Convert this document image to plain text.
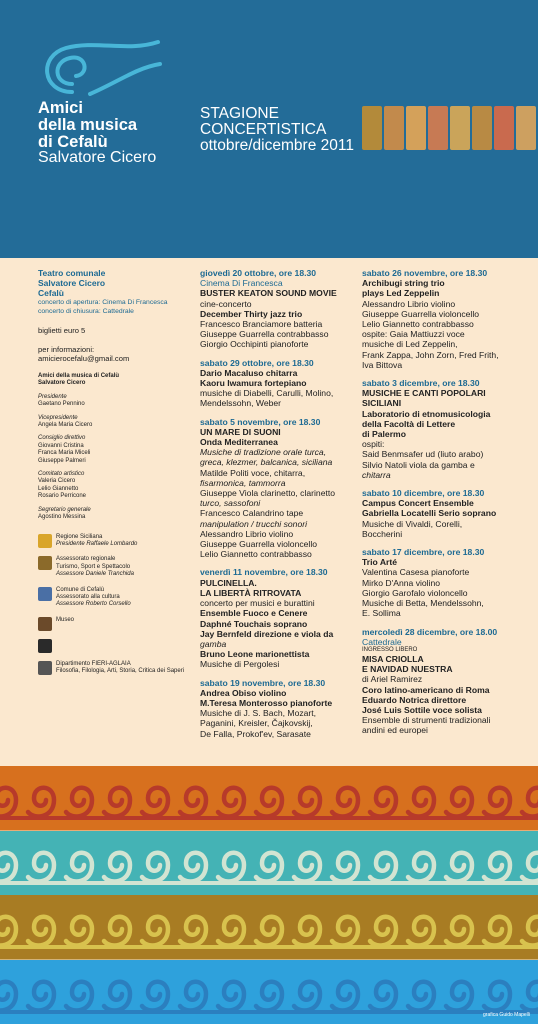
Amici
della musica
di Cefalù
Salvatore Cicero
STAGIONE
CONCERTISTICA
ottobre/dicembre 2011
Teatro comunale
Salvatore Cicero
Cefalù
concerto di apertura: Cinema Di Francesca
concerto di chiusura: Cattedrale
biglietti euro 5
per informazioni:
amicierocefalu@gmail.com
Amici della musica di Cefalù
Salvatore Cicero
Presidente
Gaetano Pennino
Vicepresidente
Angela Maria Cicero
Consiglio direttivo
Giovanni Cristina
Franca Maria Miceli
Giuseppe Palmeri
Comitato artistico
Valeria Cicero
Lelio Giannetto
Rosario Perricone
Segretario generale
Agostino Messina
Regione Siciliana
Presidente Raffaele Lombardo
Assessorato regionale
Turismo, Sport e Spettacolo
Assessore Daniele Tranchida
Comune di Cefalù
Assessorato alla cultura
Assessore Roberto Corsello
Museo
Dipartimento FIERI-AGLAIA
Filosofia, Filologia, Arti, Storia, Critica dei Saperi
giovedì 20 ottobre, ore 18.30
Cinema Di Francesca
BUSTER KEATON SOUND MOVIE
cine-concerto
December Thirty jazz trio
Francesco Branciamore batteria
Giuseppe Guarrella contrabbasso
Giorgio Occhipinti pianoforte
sabato 29 ottobre, ore 18.30
Dario Macaluso chitarra
Kaoru Iwamura fortepiano
musiche di Diabelli, Carulli, Molino,
Mendelssohn, Weber
sabato 5 novembre, ore 18.30
UN MARE DI SUONI
Onda Mediterranea
Musiche di tradizione orale turca,
greca, klezmer, balcanica, siciliana
Matilde Politi voce, chitarra,
fisarmonica, tammorra
Giuseppe Viola clarinetto, clarinetto
turco, sassofoni
Francesco Calandrino tape
manipulation / trucchi sonori
Alessandro Librio violino
Giuseppe Guarrella violoncello
Lelio Giannetto contrabbasso
venerdì 11 novembre, ore 18.30
PULCINELLA.
LA LIBERTÀ RITROVATA
concerto per musici e burattini
Ensemble Fuoco e Cenere
Daphné Touchais soprano
Jay Bernfeld direzione e viola da
gamba
Bruno Leone marionettista
Musiche di Pergolesi
sabato 19 novembre, ore 18.30
Andrea Obiso violino
M.Teresa Monterosso pianoforte
Musiche di J. S. Bach, Mozart,
Paganini, Kreisler, Čajkovskij,
De Falla, Prokof'ev, Sarasate
sabato 26 novembre, ore 18.30
Archibugi string trio
plays Led Zeppelin
Alessandro Librio violino
Giuseppe Guarrella violoncello
Lelio Giannetto contrabbasso
ospite: Gaia Mattiuzzi voce
musiche di Led Zeppelin,
Frank Zappa, John Zorn, Fred Frith,
Iva Bittova
sabato 3 dicembre, ore 18.30
MUSICHE E CANTI POPOLARI
SICILIANI
Laboratorio di etnomusicologia
della Facoltà di Lettere
di Palermo
ospiti:
Said Benmsafer ud (liuto arabo)
Silvio Natoli viola da gamba e
chitarra
sabato 10 dicembre, ore 18.30
Campus Concert Ensemble
Gabriella Locatelli Serio soprano
Musiche di Vivaldi, Corelli,
Boccherini
sabato 17 dicembre, ore 18.30
Trio Arté
Valentina Casesa pianoforte
Mirko D'Anna violino
Giorgio Garofalo violoncello
Musiche di Betta, Mendelssohn,
E. Sollima
mercoledì 28 dicembre, ore 18.00
Cattedrale
INGRESSO LIBERO
MISA CRIOLLA
E NAVIDAD NUESTRA
di Ariel Ramirez
Coro latino-americano di Roma
Eduardo Notrica direttore
José Luis Sottile voce solista
Ensemble di strumenti tradizionali
andini ed europei
grafica Guido Mapelli
